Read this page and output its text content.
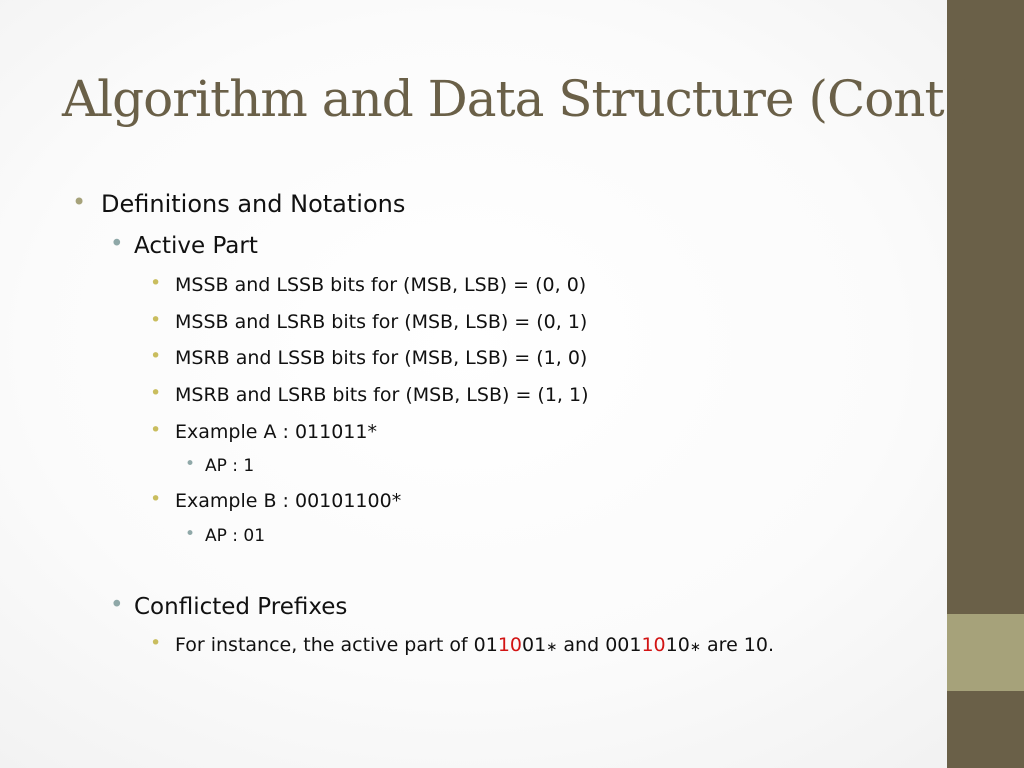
Algorithm and Data Structure (Cont.)
• Definitions and Notations
• Active Part
• MSSB and LSSB bits for (MSB, LSB) = (0, 0)
• MSSB and LSRB bits for (MSB, LSB) = (0, 1)
• MSRB and LSSB bits for (MSB, LSB) = (1, 0)
• MSRB and LSRB bits for (MSB, LSB) = (1, 1)
• Example A : 011011*
• AP : 1
• Example B : 00101100*
• AP : 01
• Conflicted Prefixes
• For instance, the active part of 011001∗ and 0011010∗ are 10.
